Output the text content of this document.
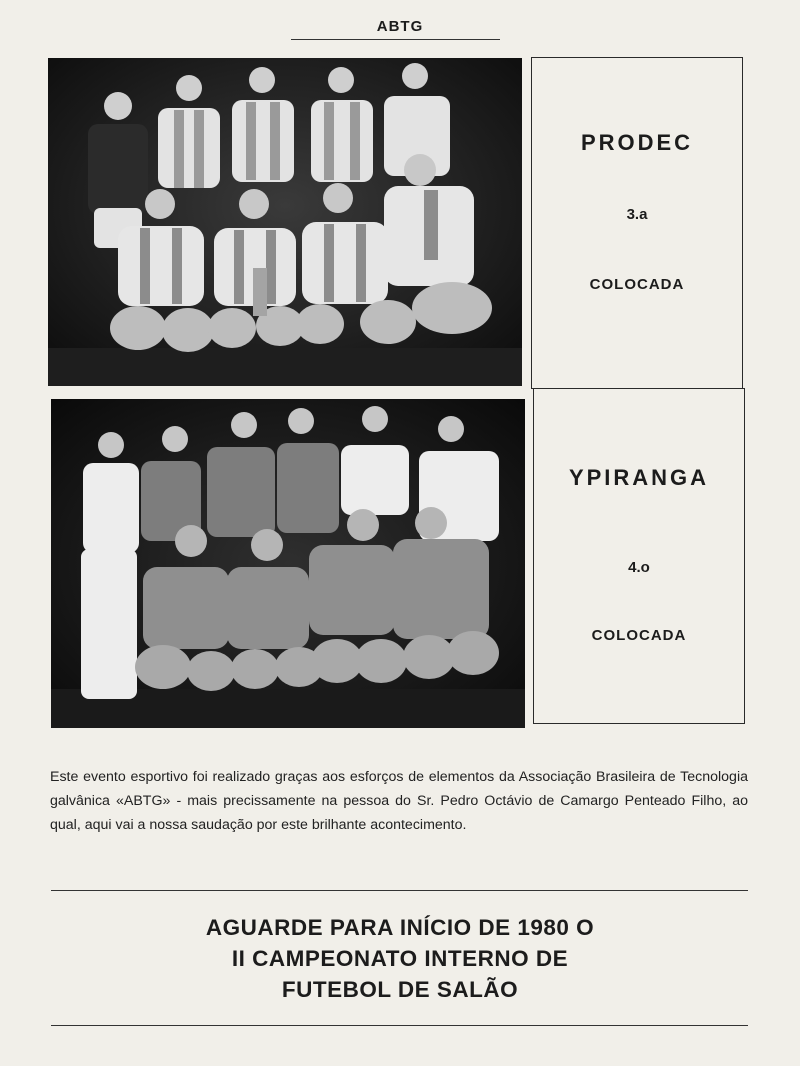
ABTG
PRODEC
3.a
COLOCADA
YPIRANGA
4.o
COLOCADA
Este evento esportivo foi realizado graças aos esforços de elementos da Associação Brasileira de Tecnologia galvânica «ABTG» - mais precissamente na pessoa do Sr. Pedro Octávio de Camargo Penteado Filho, ao qual, aqui vai a nossa saudação por este brilhante acontecimento.
AGUARDE PARA INÍCIO DE 1980 O
II CAMPEONATO INTERNO DE
FUTEBOL DE SALÃO
